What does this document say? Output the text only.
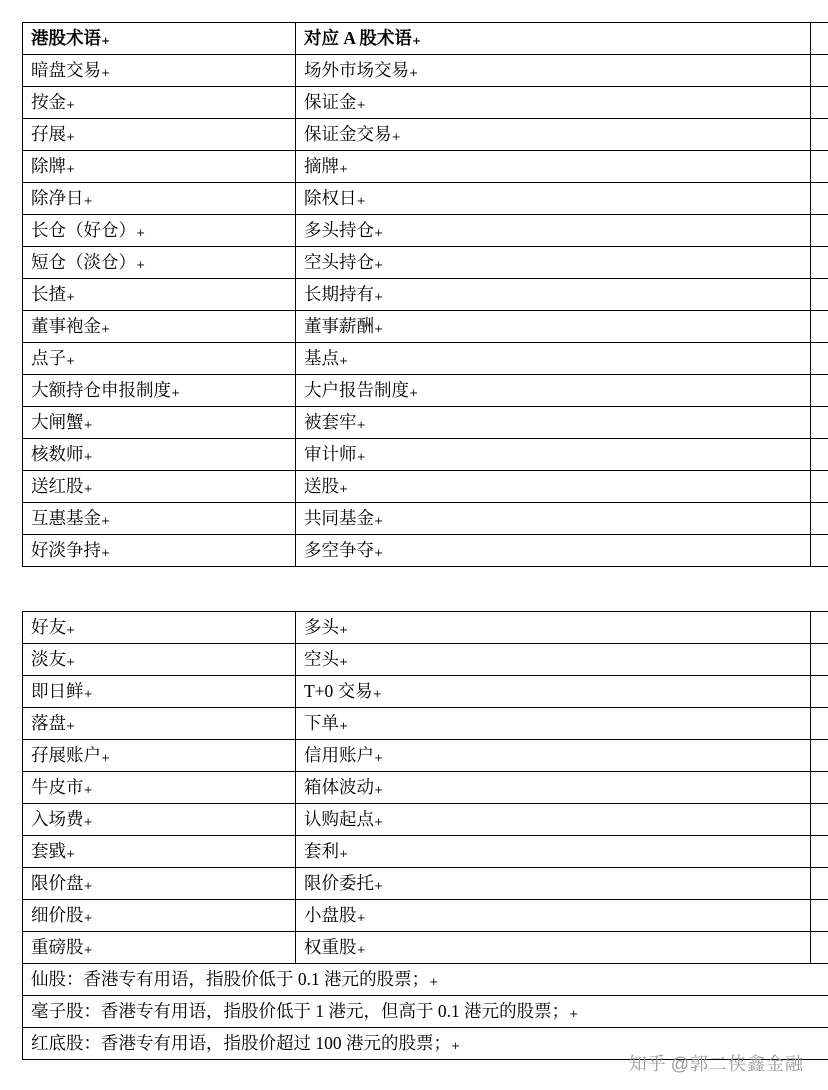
港股术语₊	对应 A 股术语₊	
暗盘交易₊	场外市场交易₊	
按金₊	保证金₊	
孖展₊	保证金交易₊	
除牌₊	摘牌₊	
除净日₊	除权日₊	
长仓（好仓）₊	多头持仓₊	
短仓（淡仓）₊	空头持仓₊	
长揸₊	长期持有₊	
董事袍金₊	董事薪酬₊	
点子₊	基点₊	
大额持仓申报制度₊	大户报告制度₊	
大闸蟹₊	被套牢₊	
核数师₊	审计师₊	
送红股₊	送股₊	
互惠基金₊	共同基金₊	
好淡争持₊	多空争夺₊	
好友₊	多头₊	
淡友₊	空头₊	
即日鲜₊	T+0 交易₊	
落盘₊	下单₊	
孖展账户₊	信用账户₊	
牛皮市₊	箱体波动₊	
入场费₊	认购起点₊	
套戥₊	套利₊	
限价盘₊	限价委托₊	
细价股₊	小盘股₊	
重磅股₊	权重股₊	
仙股：香港专有用语，指股价低于 0.1 港元的股票；₊		
毫子股：香港专有用语，指股价低于 1 港元，但高于 0.1 港元的股票；₊		
红底股：香港专有用语，指股价超过 100 港元的股票；₊		
知乎 @郭二侠鑫金融
